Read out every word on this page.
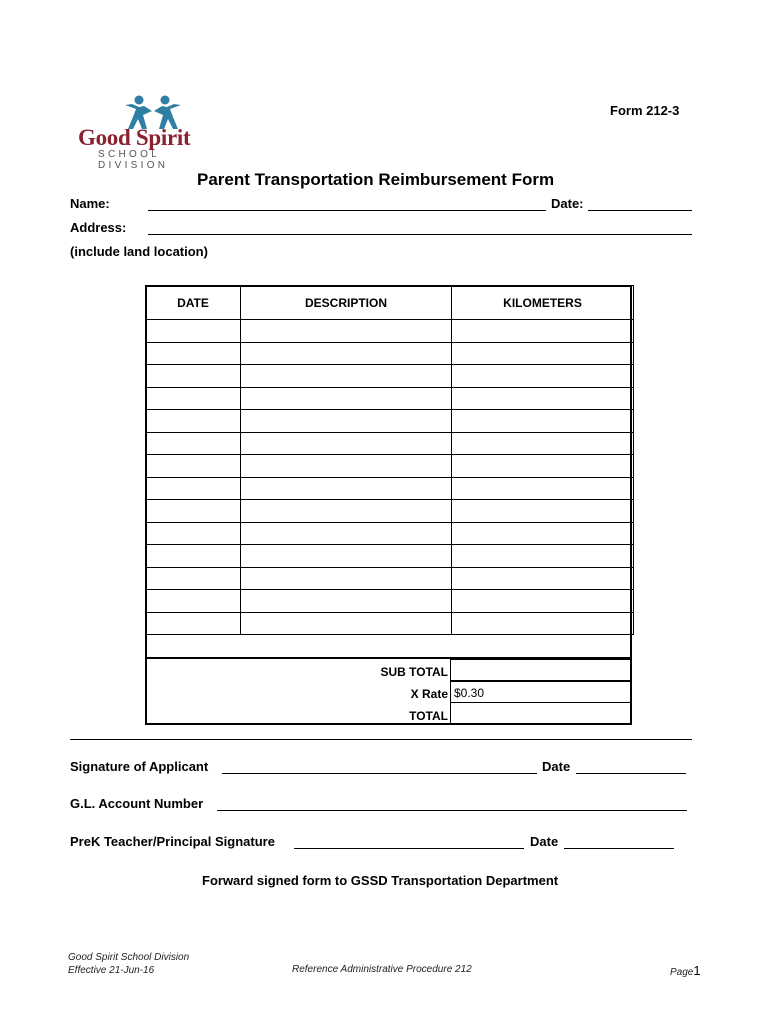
Good Spirit
SCHOOL DIVISION
Form 212-3
Parent Transportation Reimbursement Form
Name:	Date:
Address:
(include land location)
DATE	DESCRIPTION	KILOMETERS

SUB TOTAL
X Rate $0.30
TOTAL
Signature of Applicant	Date
G.L. Account Number
PreK Teacher/Principal Signature	Date
Forward signed form to GSSD Transportation Department
Good Spirit School Division
Effective 21-Jun-16	Reference Administrative Procedure 212	Page1
